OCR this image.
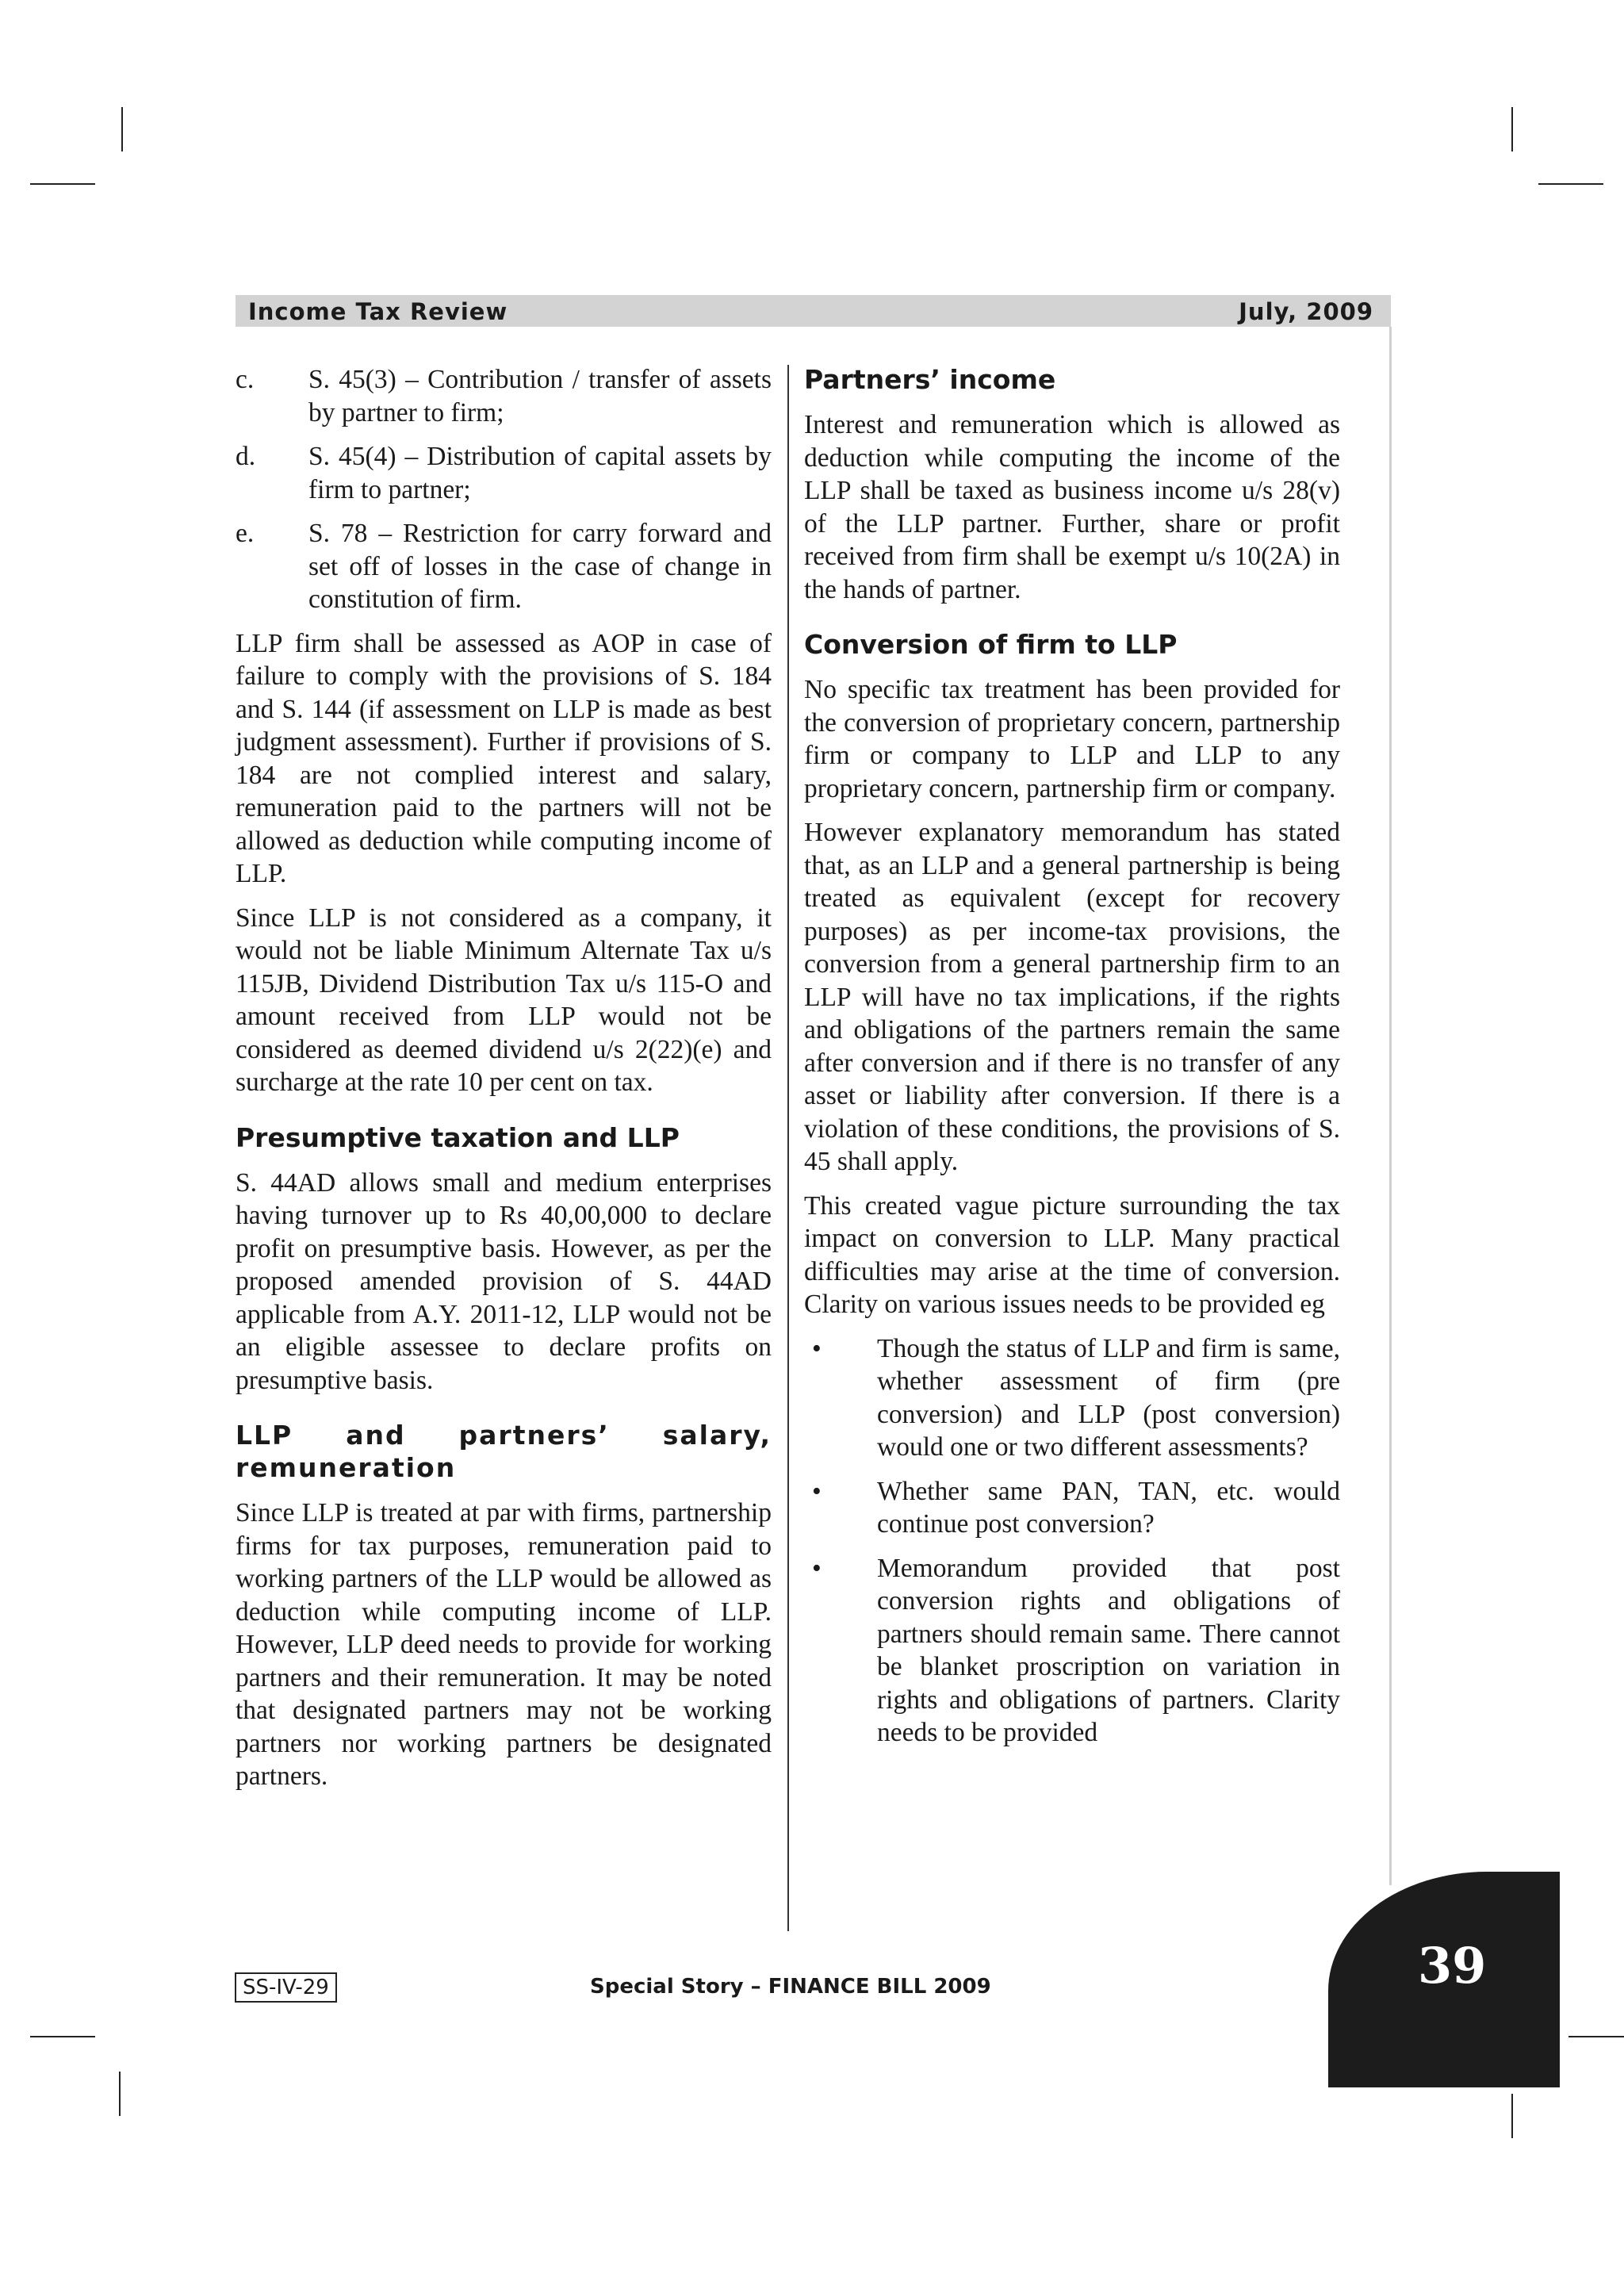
Income Tax Review	July, 2009
c. S. 45(3) – Contribution / transfer of assets by partner to firm;
d. S. 45(4) – Distribution of capital assets by firm to partner;
e. S. 78 – Restriction for carry forward and set off of losses in the case of change in constitution of firm.

LLP firm shall be assessed as AOP in case of failure to comply with the provisions of S. 184 and S. 144 (if assessment on LLP is made as best judgment assessment). Further if provisions of S. 184 are not complied interest and salary, remuneration paid to the partners will not be allowed as deduction while computing income of LLP.

Since LLP is not considered as a company, it would not be liable Minimum Alternate Tax u/s 115JB, Dividend Distribution Tax u/s 115-O and amount received from LLP would not be considered as deemed dividend u/s 2(22)(e) and surcharge at the rate 10 per cent on tax.

Presumptive taxation and LLP

S. 44AD allows small and medium enterprises having turnover up to Rs 40,00,000 to declare profit on presumptive basis. However, as per the proposed amended provision of S. 44AD applicable from A.Y. 2011-12, LLP would not be an eligible assessee to declare profits on presumptive basis.

LLP and partners’ salary, remuneration

Since LLP is treated at par with firms, partnership firms for tax purposes, remuneration paid to working partners of the LLP would be allowed as deduction while computing income of LLP. However, LLP deed needs to provide for working partners and their remuneration. It may be noted that designated partners may not be working partners nor working partners be designated partners.

Partners’ income

Interest and remuneration which is allowed as deduction while computing the income of the LLP shall be taxed as business income u/s 28(v) of the LLP partner. Further, share or profit received from firm shall be exempt u/s 10(2A) in the hands of partner.

Conversion of firm to LLP

No specific tax treatment has been provided for the conversion of proprietary concern, partnership firm or company to LLP and LLP to any proprietary concern, partnership firm or company.

However explanatory memorandum has stated that, as an LLP and a general partnership is being treated as equivalent (except for recovery purposes) as per income-tax provisions, the conversion from a general partnership firm to an LLP will have no tax implications, if the rights and obligations of the partners remain the same after conversion and if there is no transfer of any asset or liability after conversion. If there is a violation of these conditions, the provisions of S. 45 shall apply.

This created vague picture surrounding the tax impact on conversion to LLP. Many practical difficulties may arise at the time of conversion. Clarity on various issues needs to be provided eg

• Though the status of LLP and firm is same, whether assessment of firm (pre conversion) and LLP (post conversion) would one or two different assessments?
• Whether same PAN, TAN, etc. would continue post conversion?
• Memorandum provided that post conversion rights and obligations of partners should remain same. There cannot be blanket proscription on variation in rights and obligations of partners. Clarity needs to be provided
SS-IV-29	Special Story – FINANCE BILL 2009	39
